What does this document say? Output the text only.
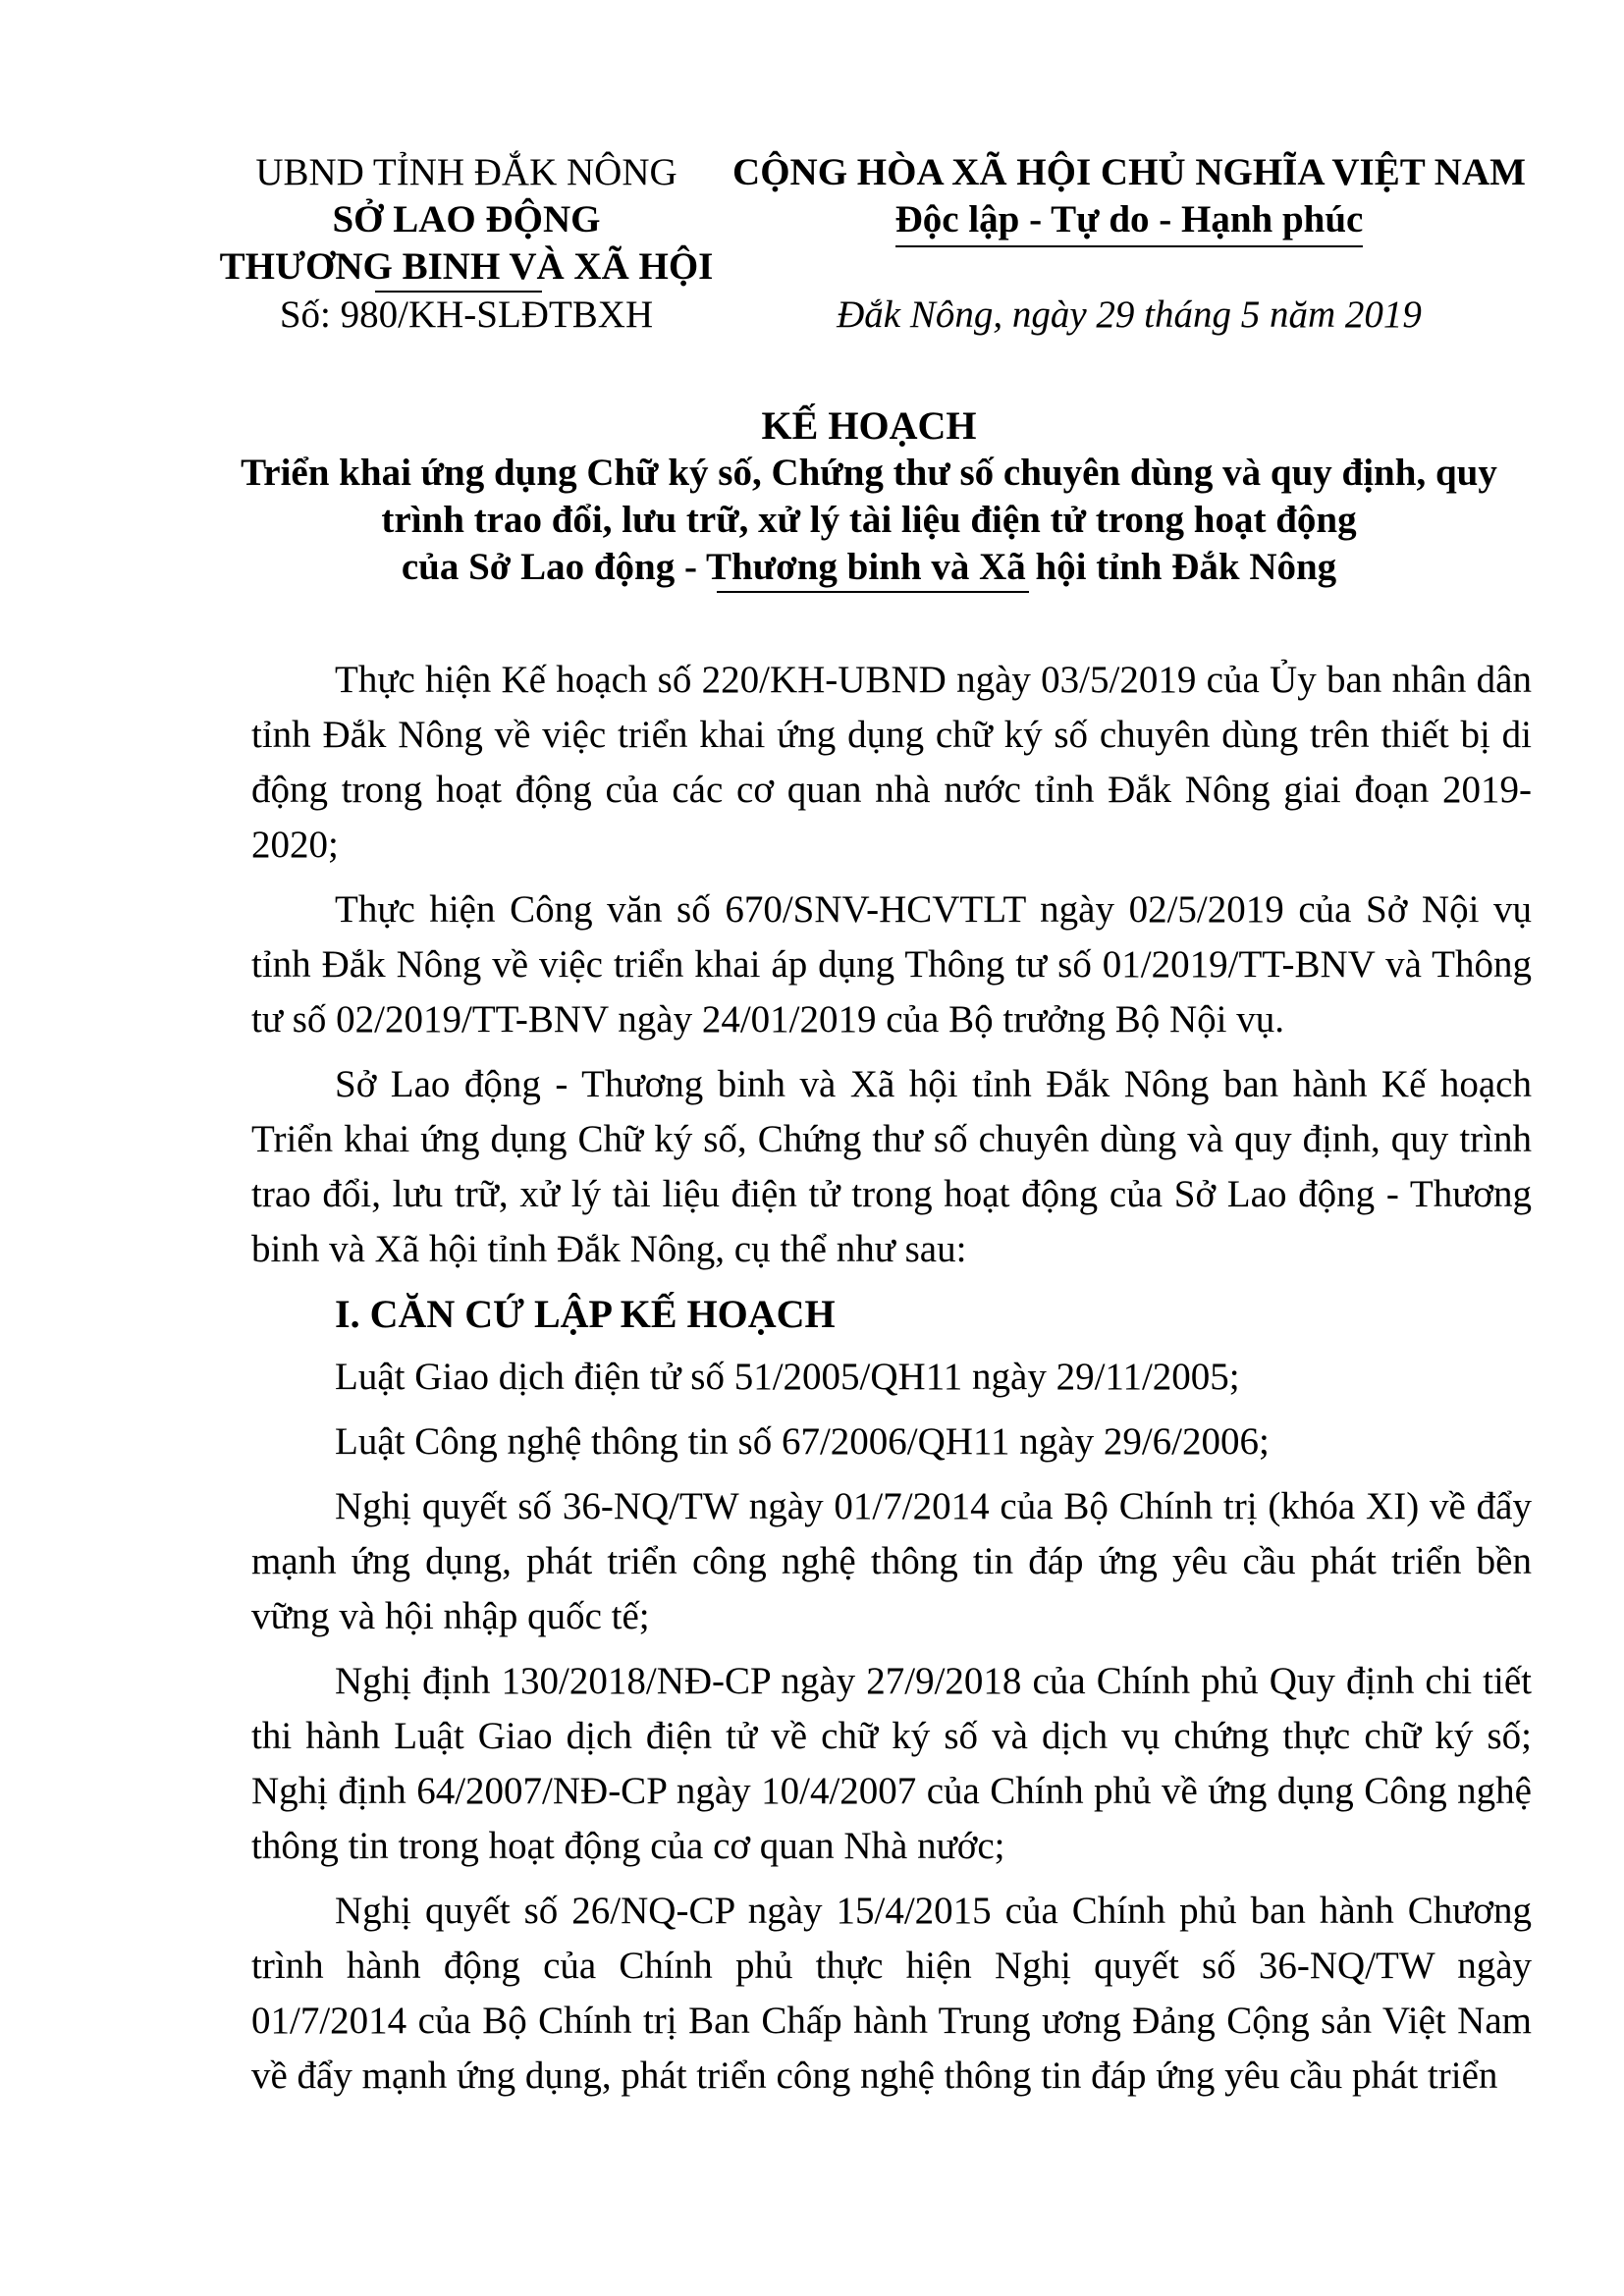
UBND TỈNH ĐẮK NÔNG
SỞ LAO ĐỘNG
THƯƠNG BINH VÀ XÃ HỘI
CỘNG HÒA XÃ HỘI CHỦ NGHĨA VIỆT NAM
Độc lập - Tự do - Hạnh phúc
Số: 980/KH-SLĐTBXH	Đắk Nông, ngày 29 tháng 5 năm 2019
KẾ HOẠCH
Triển khai ứng dụng Chữ ký số, Chứng thư số chuyên dùng và quy định, quy
trình trao đổi, lưu trữ, xử lý tài liệu điện tử trong hoạt động
của Sở Lao động - Thương binh và Xã hội tỉnh Đắk Nông

Thực hiện Kế hoạch số 220/KH-UBND ngày 03/5/2019 của Ủy ban nhân dân tỉnh Đắk Nông về việc triển khai ứng dụng chữ ký số chuyên dùng trên thiết bị di động trong hoạt động của các cơ quan nhà nước tỉnh Đắk Nông giai đoạn 2019-2020;

Thực hiện Công văn số 670/SNV-HCVTLT ngày 02/5/2019 của Sở Nội vụ tỉnh Đắk Nông về việc triển khai áp dụng Thông tư số 01/2019/TT-BNV và Thông tư số 02/2019/TT-BNV ngày 24/01/2019 của Bộ trưởng Bộ Nội vụ.

Sở Lao động - Thương binh và Xã hội tỉnh Đắk Nông ban hành Kế hoạch Triển khai ứng dụng Chữ ký số, Chứng thư số chuyên dùng và quy định, quy trình trao đổi, lưu trữ, xử lý tài liệu điện tử trong hoạt động của Sở Lao động - Thương binh và Xã hội tỉnh Đắk Nông, cụ thể như sau:

I. CĂN CỨ LẬP KẾ HOẠCH

Luật Giao dịch điện tử số 51/2005/QH11 ngày 29/11/2005;

Luật Công nghệ thông tin số 67/2006/QH11 ngày 29/6/2006;

Nghị quyết số 36-NQ/TW ngày 01/7/2014 của Bộ Chính trị (khóa XI) về đẩy mạnh ứng dụng, phát triển công nghệ thông tin đáp ứng yêu cầu phát triển bền vững và hội nhập quốc tế;

Nghị định 130/2018/NĐ-CP ngày 27/9/2018 của Chính phủ Quy định chi tiết thi hành Luật Giao dịch điện tử về chữ ký số và dịch vụ chứng thực chữ ký số; Nghị định 64/2007/NĐ-CP ngày 10/4/2007 của Chính phủ về ứng dụng Công nghệ thông tin trong hoạt động của cơ quan Nhà nước;

Nghị quyết số 26/NQ-CP ngày 15/4/2015 của Chính phủ ban hành Chương trình hành động của Chính phủ thực hiện Nghị quyết số 36-NQ/TW ngày 01/7/2014 của Bộ Chính trị Ban Chấp hành Trung ương Đảng Cộng sản Việt Nam về đẩy mạnh ứng dụng, phát triển công nghệ thông tin đáp ứng yêu cầu phát triển
